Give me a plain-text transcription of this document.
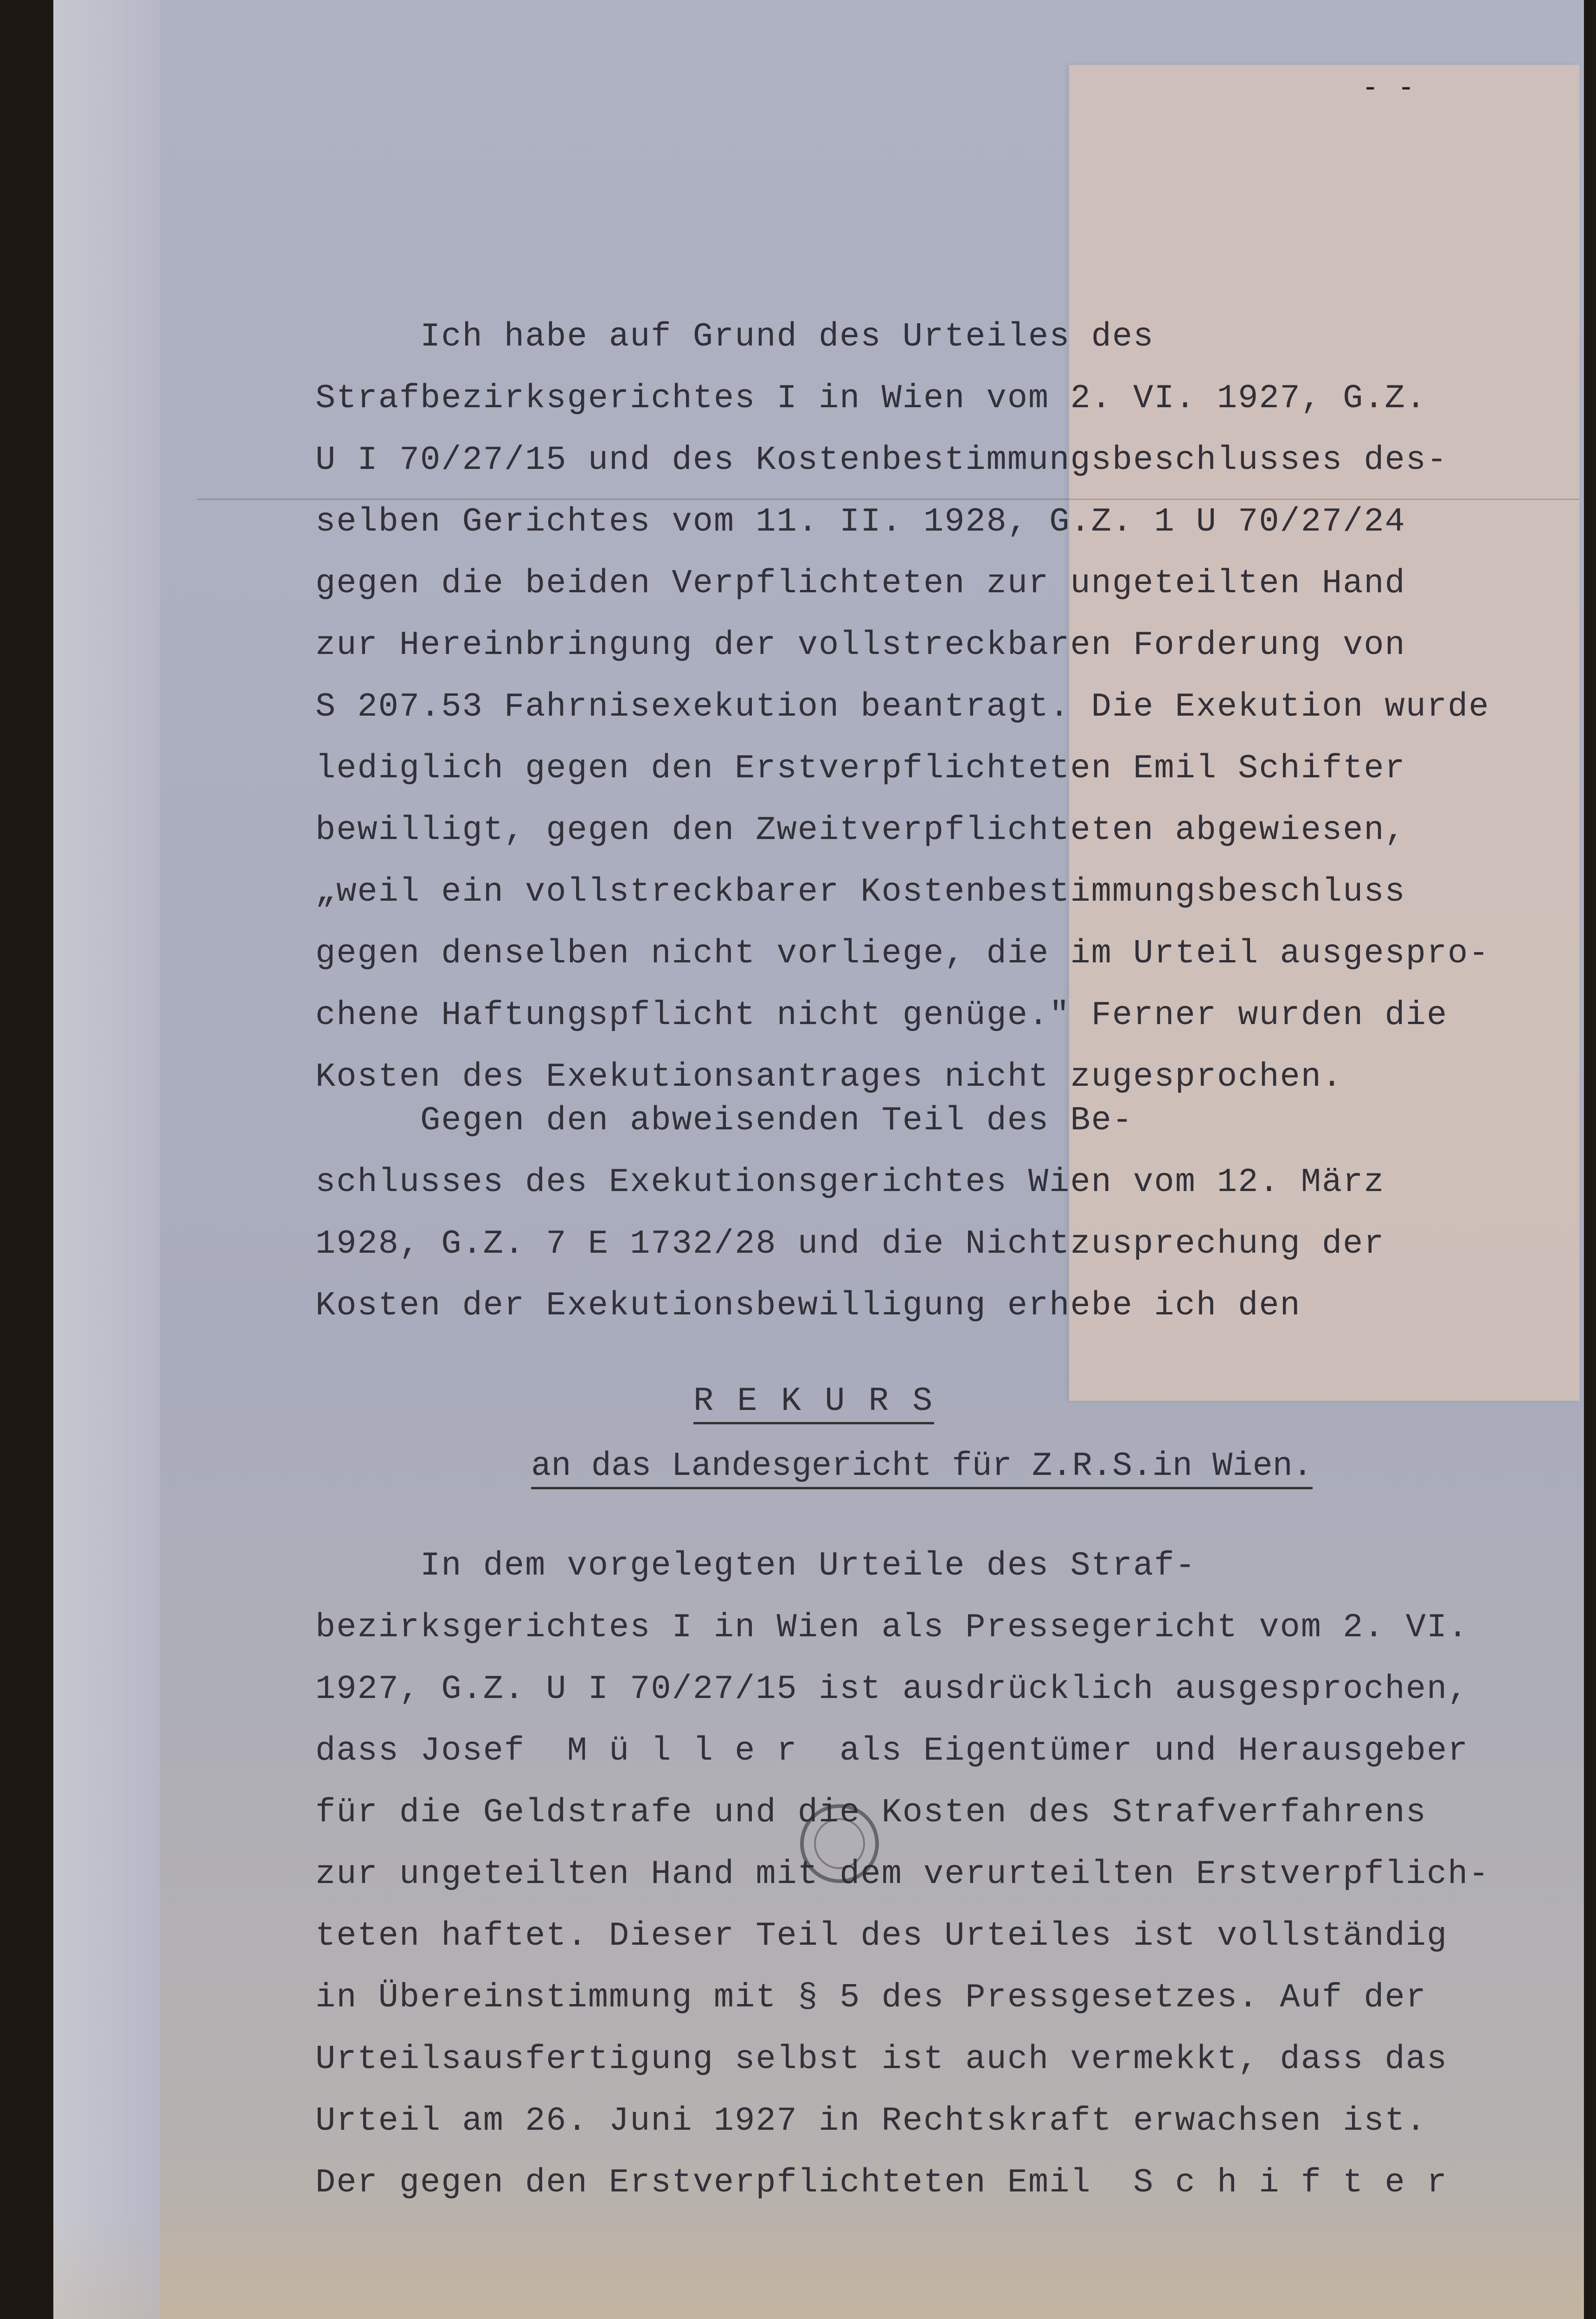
- -
Ich habe auf Grund des Urteiles des
Strafbezirksgerichtes I in Wien vom 2. VI. 1927, G.Z.
U I 70/27/15 und des Kostenbestimmungsbeschlusses des-
selben Gerichtes vom 11. II. 1928, G.Z. 1 U 70/27/24
gegen die beiden Verpflichteten zur ungeteilten Hand
zur Hereinbringung der vollstreckbaren Forderung von
S 207.53 Fahrnisexekution beantragt. Die Exekution wurde
lediglich gegen den Erstverpflichteten Emil Schifter
bewilligt, gegen den Zweitverpflichteten abgewiesen,
„weil ein vollstreckbarer Kostenbestimmungsbeschluss
gegen denselben nicht vorliege, die im Urteil ausgespro-
chene Haftungspflicht nicht genüge." Ferner wurden die
Kosten des Exekutionsantrages nicht zugesprochen.
Gegen den abweisenden Teil des Be-
schlusses des Exekutionsgerichtes Wien vom 12. März
1928, G.Z. 7 E 1732/28 und die Nichtzusprechung der
Kosten der Exekutionsbewilligung erhebe ich den
R E K U R S
an das Landesgericht für Z.R.S.in Wien.
In dem vorgelegten Urteile des Straf-
bezirksgerichtes I in Wien als Pressegericht vom 2. VI.
1927, G.Z. U I 70/27/15 ist ausdrücklich ausgesprochen,
dass Josef  M ü l l e r  als Eigentümer und Herausgeber
für die Geldstrafe und die Kosten des Strafverfahrens
zur ungeteilten Hand mit dem verurteilten Erstverpflich-
teten haftet. Dieser Teil des Urteiles ist vollständig
in Übereinstimmung mit § 5 des Pressgesetzes. Auf der
Urteilsausfertigung selbst ist auch vermekkt, dass das
Urteil am 26. Juni 1927 in Rechtskraft erwachsen ist.
Der gegen den Erstverpflichteten Emil  S c h i f t e r
